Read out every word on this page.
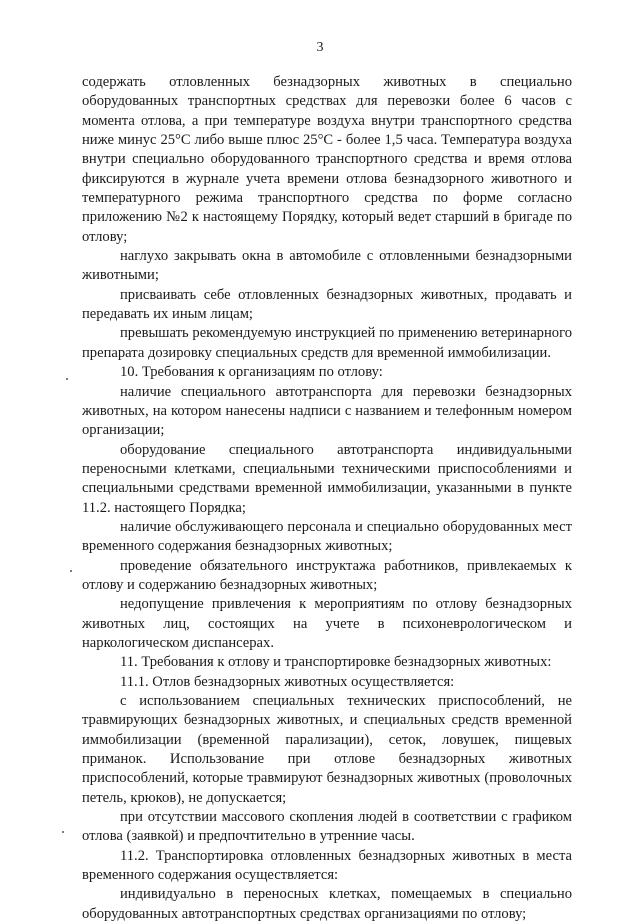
3

содержать отловленных безнадзорных животных в специально оборудованных транспортных средствах для перевозки более 6 часов с момента отлова, а при температуре воздуха внутри транспортного средства ниже минус 25°С либо выше плюс 25°С - более 1,5 часа. Температура воздуха внутри специально оборудованного транспортного средства и время отлова фиксируются в журнале учета времени отлова безнадзорного животного и температурного режима транспортного средства по форме согласно приложению №2 к настоящему Порядку, который ведет старший в бригаде по отлову;

наглухо закрывать окна в автомобиле с отловленными безнадзорными животными;

присваивать себе отловленных безнадзорных животных, продавать и передавать их иным лицам;

превышать рекомендуемую инструкцией по применению ветеринарного препарата дозировку специальных средств для временной иммобилизации.

10. Требования к организациям по отлову:

наличие специального автотранспорта для перевозки безнадзорных животных, на котором нанесены надписи с названием и телефонным номером организации;

оборудование специального автотранспорта индивидуальными переносными клетками, специальными техническими приспособлениями и специальными средствами временной иммобилизации, указанными в пункте 11.2. настоящего Порядка;

наличие обслуживающего персонала и специально оборудованных мест временного содержания безнадзорных животных;

проведение обязательного инструктажа работников, привлекаемых к отлову и содержанию безнадзорных животных;

недопущение привлечения к мероприятиям по отлову безнадзорных животных лиц, состоящих на учете в психоневрологическом и наркологическом диспансерах.

11. Требования к отлову и транспортировке безнадзорных животных:

11.1. Отлов безнадзорных животных осуществляется:

с использованием специальных технических приспособлений, не травмирующих безнадзорных животных, и специальных средств временной иммобилизации (временной парализации), сеток, ловушек, пищевых приманок. Использование при отлове безнадзорных животных приспособлений, которые травмируют безнадзорных животных (проволочных петель, крюков), не допускается;

при отсутствии массового скопления людей в соответствии с графиком отлова (заявкой) и предпочтительно в утренние часы.

11.2. Транспортировка отловленных безнадзорных животных в места временного содержания осуществляется:

индивидуально в переносных клетках, помещаемых в специально оборудованных автотранспортных средствах организациями по отлову;
